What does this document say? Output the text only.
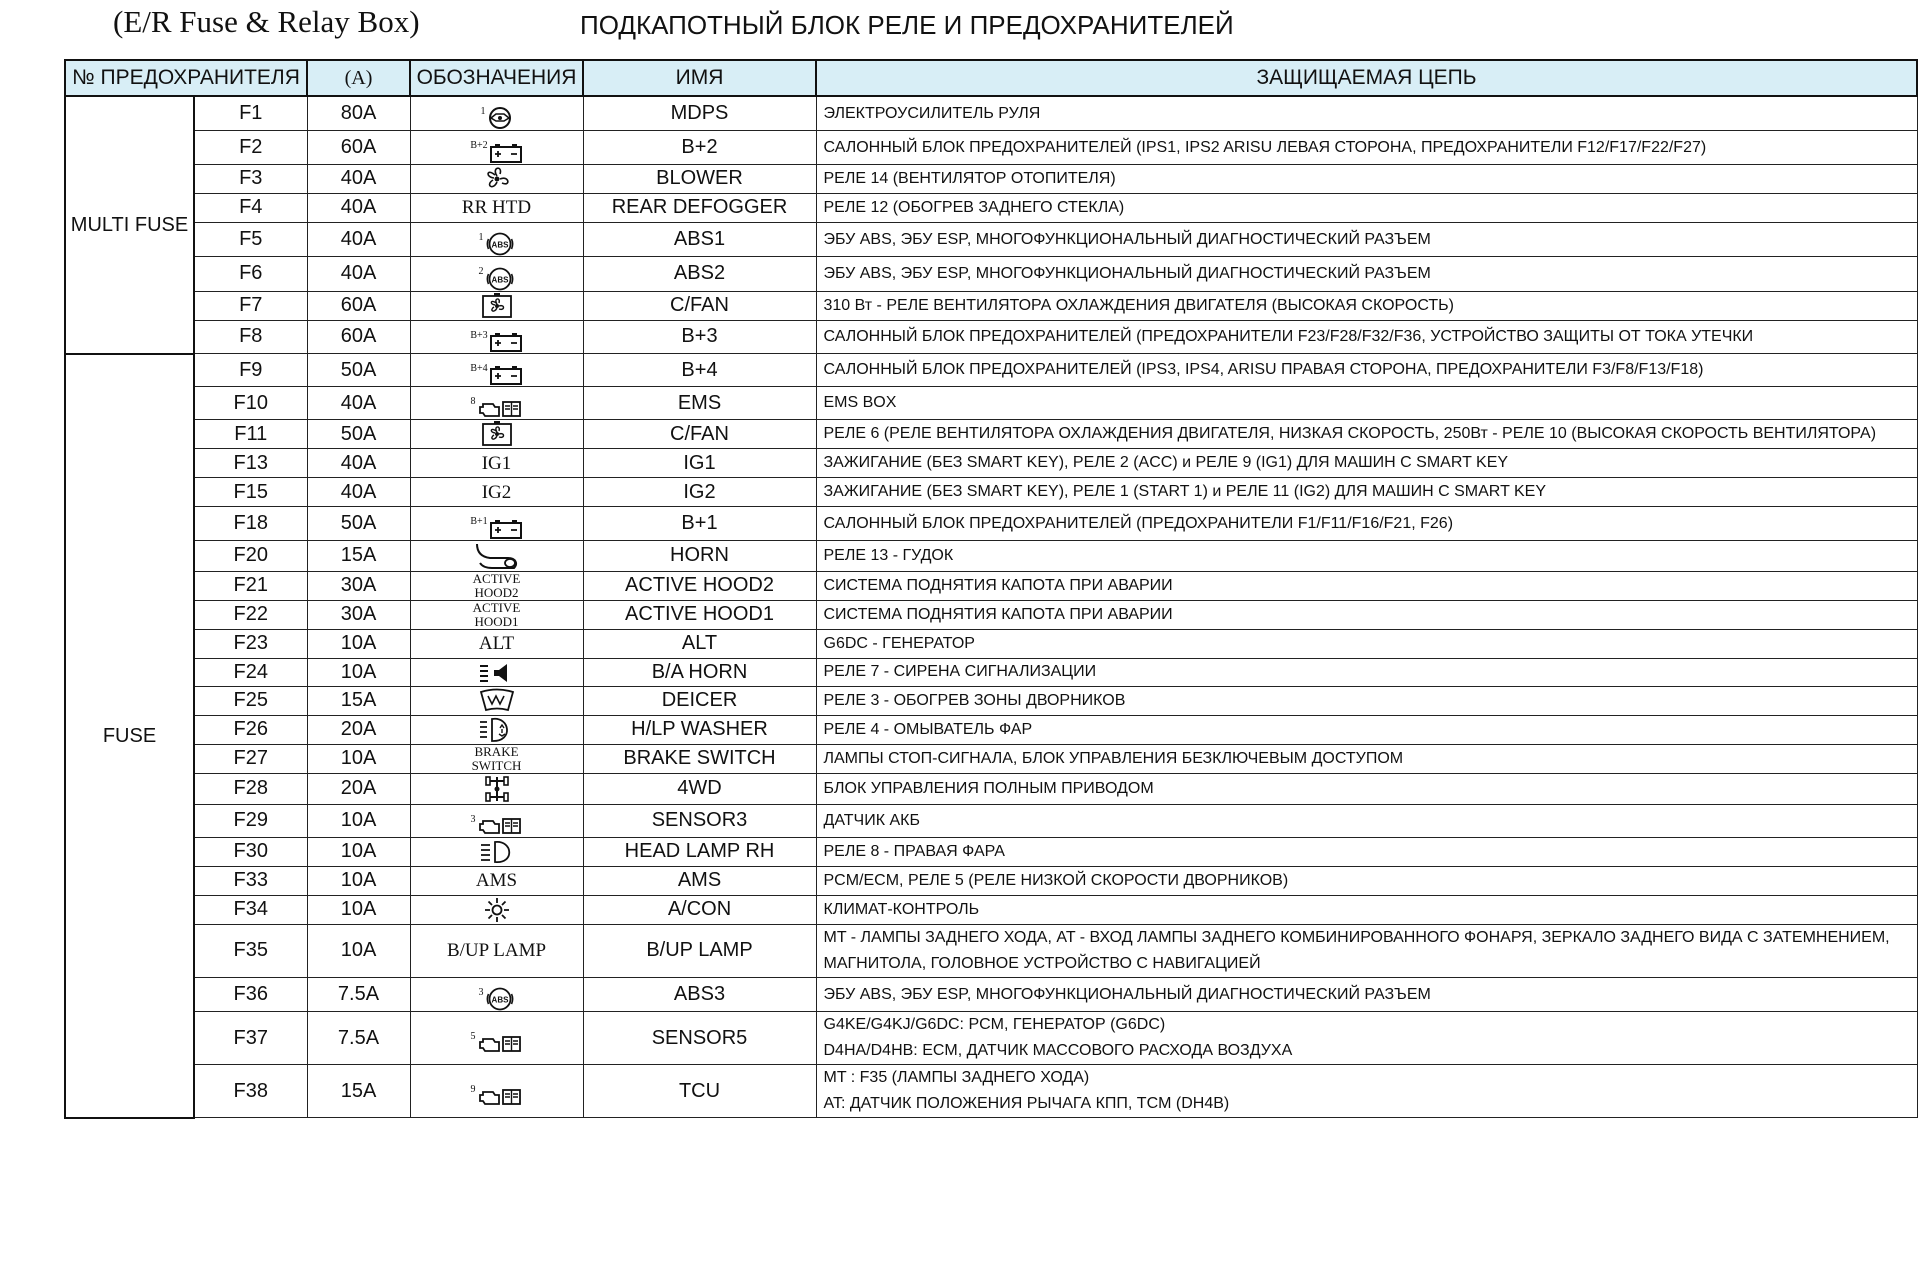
(E/R Fuse & Relay Box)	ПОДКАПОТНЫЙ БЛОК РЕЛЕ И ПРЕДОХРАНИТЕЛЕЙ
№ ПРЕДОХРАНИТЕЛЯ		(A)	ОБОЗНАЧЕНИЯ	ИМЯ	ЗАЩИЩАЕМАЯ ЦЕПЬ
MULTI FUSE	F1	80A	1	MDPS	ЭЛЕКТРОУСИЛИТЕЛЬ РУЛЯ

	F2	60A	B+2	B+2	САЛОННЫЙ БЛОК ПРЕДОХРАНИТЕЛЕЙ (IPS1, IPS2 ARISU ЛЕВАЯ СТОРОНА, ПРЕДОХРАНИТЕЛИ F12/F17/F22/F27)

	F3	40A		BLOWER	РЕЛЕ 14 (ВЕНТИЛЯТОР ОТОПИТЕЛЯ)

	F4	40A	RR HTD	REAR DEFOGGER	РЕЛЕ 12 (ОБОГРЕВ ЗАДНЕГО СТЕКЛА)

	F5	40A	1
ABS	ABS1	ЭБУ ABS, ЭБУ ESP, МНОГОФУНКЦИОНАЛЬНЫЙ ДИАГНОСТИЧЕСКИЙ РАЗЪЕМ

	F6	40A	2
ABS	ABS2	ЭБУ ABS, ЭБУ ESP, МНОГОФУНКЦИОНАЛЬНЫЙ ДИАГНОСТИЧЕСКИЙ РАЗЪЕМ

	F7	60A		C/FAN	310 Вт - РЕЛЕ ВЕНТИЛЯТОРА ОХЛАЖДЕНИЯ ДВИГАТЕЛЯ (ВЫСОКАЯ СКОРОСТЬ)

	F8	60A	B+3	B+3	САЛОННЫЙ БЛОК ПРЕДОХРАНИТЕЛЕЙ (ПРЕДОХРАНИТЕЛИ F23/F28/F32/F36, УСТРОЙСТВО ЗАЩИТЫ ОТ ТОКА УТЕЧКИ

FUSE	F9	50A	B+4	B+4	САЛОННЫЙ БЛОК ПРЕДОХРАНИТЕЛЕЙ (IPS3, IPS4, ARISU ПРАВАЯ СТОРОНА, ПРЕДОХРАНИТЕЛИ F3/F8/F13/F18)

	F10	40A	8	EMS	EMS BOX

	F11	50A		C/FAN	РЕЛЕ 6 (РЕЛЕ ВЕНТИЛЯТОРА ОХЛАЖДЕНИЯ ДВИГАТЕЛЯ, НИЗКАЯ СКОРОСТЬ, 250Вт - РЕЛЕ 10 (ВЫСОКАЯ СКОРОСТЬ ВЕНТИЛЯТОРА)

	F13	40A	IG1	IG1	ЗАЖИГАНИЕ (БЕЗ SMART KEY), РЕЛЕ 2 (ACC) и РЕЛЕ 9 (IG1) ДЛЯ МАШИН С SMART KEY

	F15	40A	IG2	IG2	ЗАЖИГАНИЕ (БЕЗ SMART KEY), РЕЛЕ 1 (START 1) и РЕЛЕ 11 (IG2) ДЛЯ МАШИН С SMART KEY

	F18	50A	B+1	B+1	САЛОННЫЙ БЛОК ПРЕДОХРАНИТЕЛЕЙ (ПРЕДОХРАНИТЕЛИ F1/F11/F16/F21, F26)

	F20	15A		HORN	РЕЛЕ 13 - ГУДОК

	F21	30A	ACTIVE
HOOD2	ACTIVE HOOD2	СИСТЕМА ПОДНЯТИЯ КАПОТА ПРИ АВАРИИ

	F22	30A	ACTIVE
HOOD1	ACTIVE HOOD1	СИСТЕМА ПОДНЯТИЯ КАПОТА ПРИ АВАРИИ

	F23	10A	ALT	ALT	G6DC - ГЕНЕРАТОР

	F24	10A		B/A HORN	РЕЛЕ 7 - СИРЕНА СИГНАЛИЗАЦИИ

	F25	15A		DEICER	РЕЛЕ 3 - ОБОГРЕВ ЗОНЫ ДВОРНИКОВ

	F26	20A		H/LP WASHER	РЕЛЕ 4 - ОМЫВАТЕЛЬ ФАР

	F27	10A	BRAKE
SWITCH	BRAKE SWITCH	ЛАМПЫ СТОП-СИГНАЛА, БЛОК УПРАВЛЕНИЯ БЕЗКЛЮЧЕВЫМ ДОСТУПОМ

	F28	20A		4WD	БЛОК УПРАВЛЕНИЯ ПОЛНЫМ ПРИВОДОМ

	F29	10A	3	SENSOR3	ДАТЧИК АКБ

	F30	10A		HEAD LAMP RH	РЕЛЕ 8 - ПРАВАЯ ФАРА

	F33	10A	AMS	AMS	PCM/ECM, РЕЛЕ 5 (РЕЛЕ НИЗКОЙ СКОРОСТИ ДВОРНИКОВ)

	F34	10A		A/CON	КЛИМАТ-КОНТРОЛЬ

	F35	10A	B/UP LAMP	B/UP LAMP	MT - ЛАМПЫ ЗАДНЕГО ХОДА, AT - ВХОД ЛАМПЫ ЗАДНЕГО КОМБИНИРОВАННОГО ФОНАРЯ, ЗЕРКАЛО ЗАДНЕГО ВИДА С ЗАТЕМНЕНИЕМ,
МАГНИТОЛА, ГОЛОВНОЕ УСТРОЙСТВО С НАВИГАЦИЕЙ

	F36	7.5A	3
ABS	ABS3	ЭБУ ABS, ЭБУ ESP, МНОГОФУНКЦИОНАЛЬНЫЙ ДИАГНОСТИЧЕСКИЙ РАЗЪЕМ

	F37	7.5A	5	SENSOR5	G4KE/G4KJ/G6DC: PCM, ГЕНЕРАТОР (G6DC)
D4HA/D4HB: ECM, ДАТЧИК МАССОВОГО РАСХОДА ВОЗДУХА

	F38	15A	9	TCU	MT : F35 (ЛАМПЫ ЗАДНЕГО ХОДА)
AT: ДАТЧИК ПОЛОЖЕНИЯ РЫЧАГА КПП, TCM (DH4B)
